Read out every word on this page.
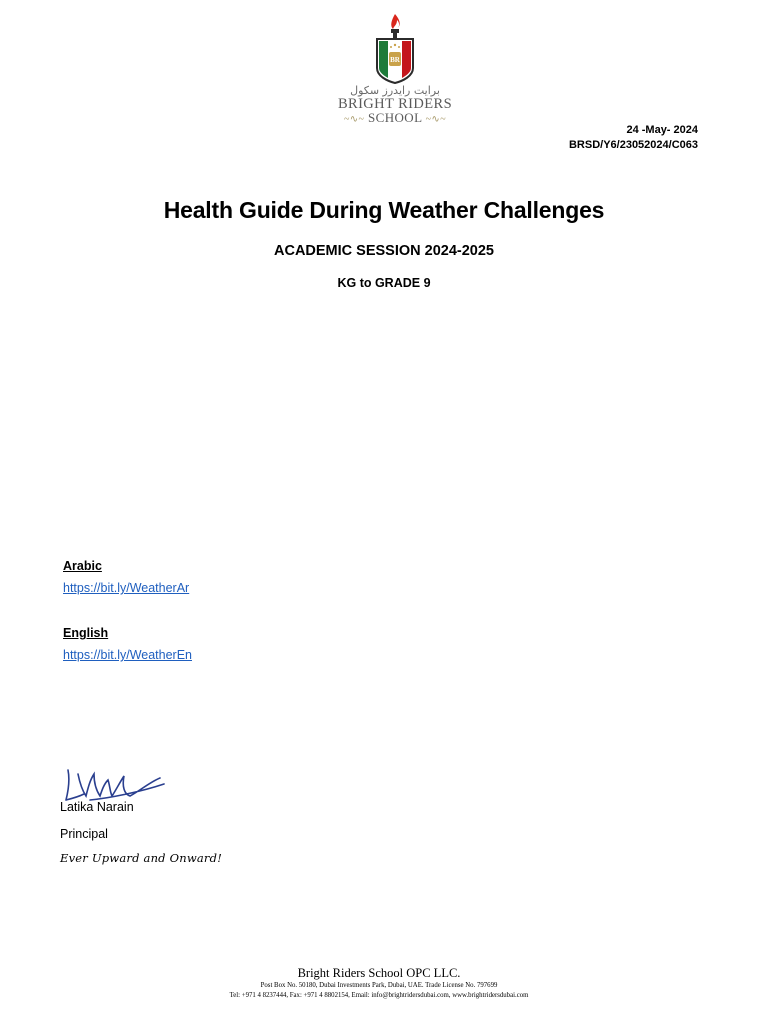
BR
برايت رايدرز سكول
BRIGHT RIDERS
~∿~ SCHOOL ~∿~
24 -May- 2024
BRSD/Y6/23052024/C063
Health Guide During Weather Challenges
ACADEMIC SESSION 2024-2025
KG to GRADE 9
Arabic
https://bit.ly/WeatherAr
English
https://bit.ly/WeatherEn
Latika Narain
Principal
Ever Upward and Onward!
Bright Riders School OPC LLC.
Post Box No. 50180, Dubai Investments Park, Dubai, UAE. Trade License No. 797699
Tel: +971 4 8237444, Fax: +971 4 8802154, Email: info@brightridersdubai.com, www.brightridersdubai.com
